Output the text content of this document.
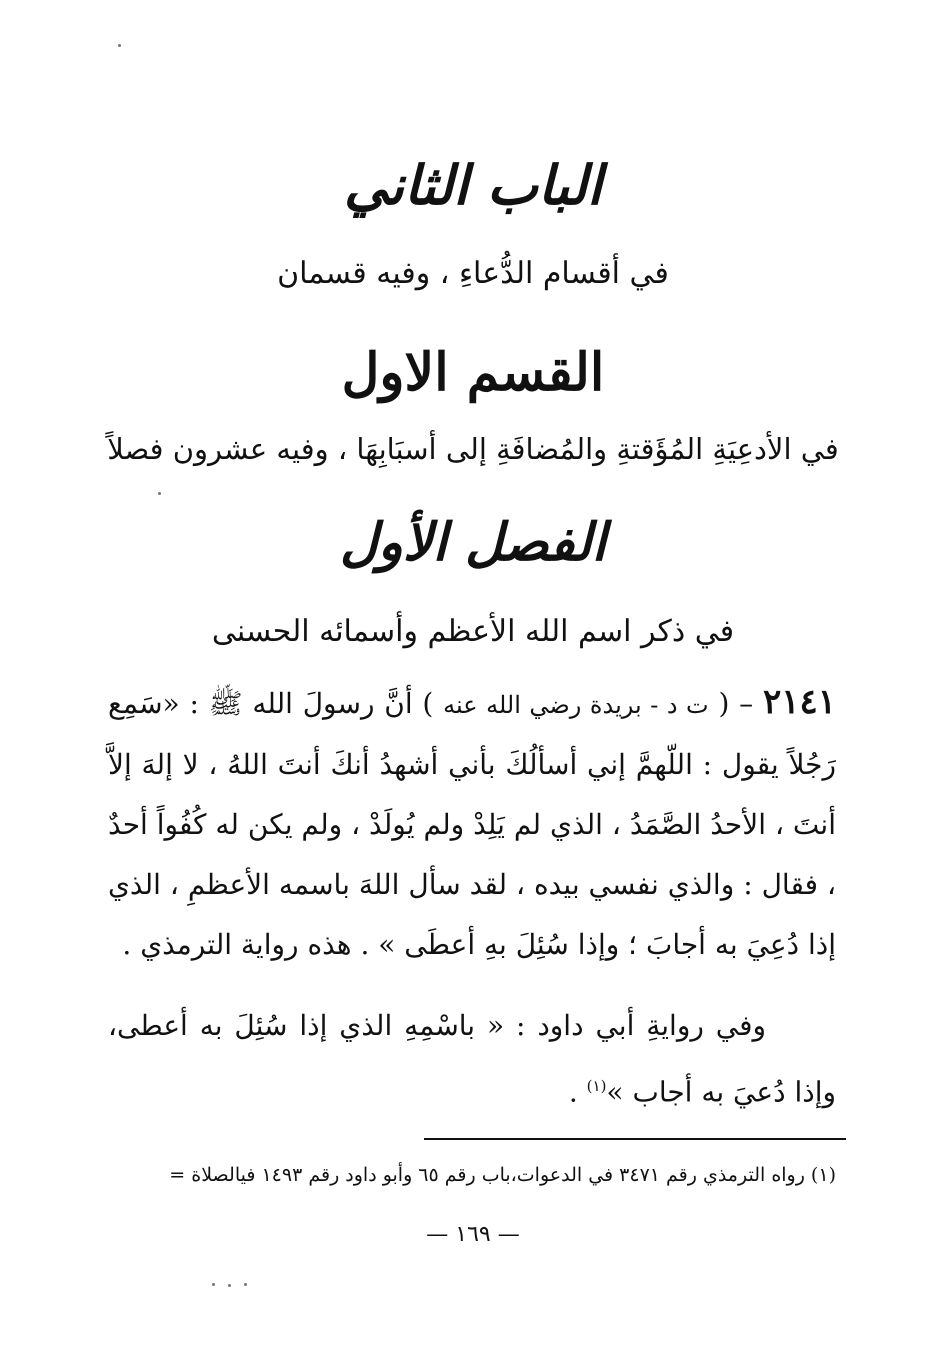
الباب الثاني
في أقسام الدُّعاءِ ، وفيه قسمان
القسم الاول
في الأدعِيَةِ المُؤَقتةِ والمُضافَةِ إلى أسبَابِهَا ، وفيه عشرون فصلاً
الفصل الأول
في ذكر اسم الله الأعظم وأسمائه الحسنى
٢١٤١ – ( ت د - بريدة رضي الله عنه ) أنَّ رسولَ الله ﷺ : «سَمِع رَجُلاً يقول : اللّهمَّ إني أسألُكَ بأني أشهدُ أنكَ أنتَ اللهُ ، لا إلهَ إلاَّ أنتَ ، الأحدُ الصَّمَدُ ، الذي لم يَلِدْ ولم يُولَدْ ، ولم يكن له كُفُواً أحدٌ ، فقال : والذي نفسي بيده ، لقد سأل اللهَ باسمه الأعظمِ ، الذي إذا دُعِيَ به أجابَ ؛ وإذا سُئِلَ بهِ أعطَى » . هذه رواية الترمذي .
وفي روايةِ أبي داود : « باسْمِهِ الذي إذا سُئِلَ به أعطى، وإذا دُعيَ به أجاب »$^{(١)}$ .
(١) رواه الترمذي رقم ٣٤٧١ في الدعوات،باب رقم ٦٥ وأبو داود رقم ١٤٩٣ فيالصلاة =
— ١٦٩ —
